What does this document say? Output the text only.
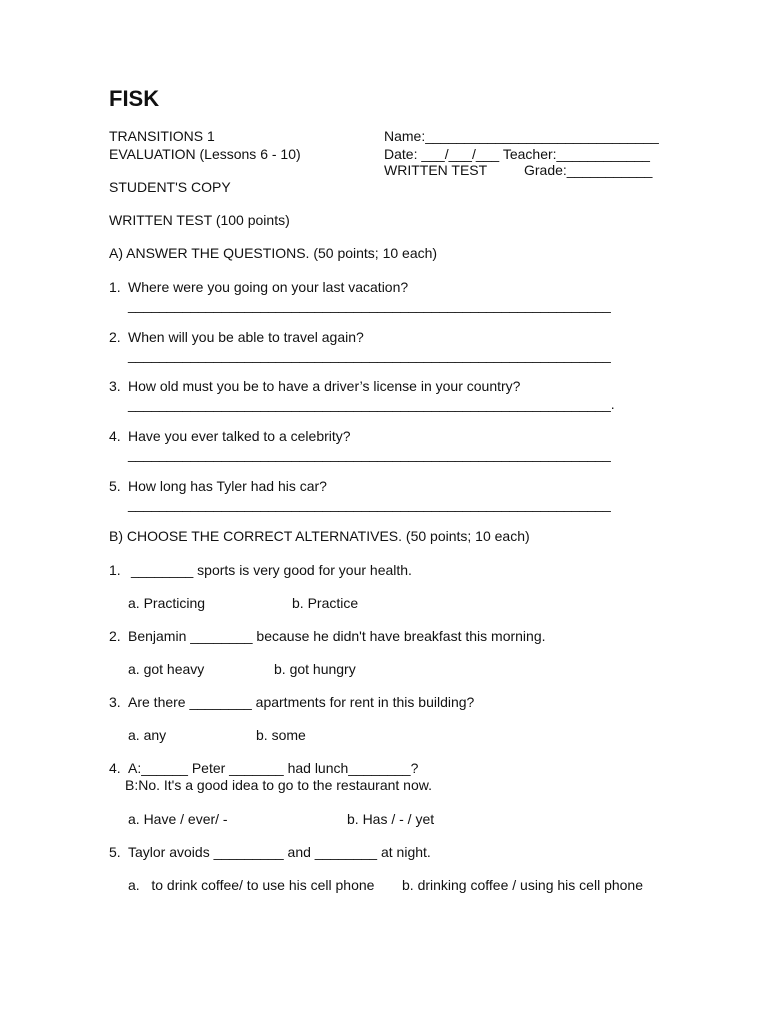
FISK
TRANSITIONS 1
EVALUATION (Lessons 6 - 10)
STUDENT'S COPY
Name:______________________________
Date: ___/___/___ Teacher:____________
WRITTEN TEST	Grade:___________
WRITTEN TEST (100 points)
A) ANSWER THE QUESTIONS. (50 points; 10 each)
1. Where were you going on your last vacation?
______________________________________________________________
2. When will you be able to travel again?
______________________________________________________________
3. How old must you be to have a driver’s license in your country?
______________________________________________________________.
4. Have you ever talked to a celebrity?
______________________________________________________________
5. How long has Tyler had his car?
______________________________________________________________
B) CHOOSE THE CORRECT ALTERNATIVES. (50 points; 10 each)
1. ________ sports is very good for your health.
a. Practicing	b. Practice
2. Benjamin ________ because he didn't have breakfast this morning.
a. got heavy	b. got hungry
3. Are there ________ apartments for rent in this building?
a. any	b. some
4. A:______ Peter _______ had lunch________?
B:No. It's a good idea to go to the restaurant now.
a. Have / ever/ -	b. Has / - / yet
5. Taylor avoids _________ and ________ at night.
a.   to drink coffee/ to use his cell phone b. drinking coffee / using his cell phone
